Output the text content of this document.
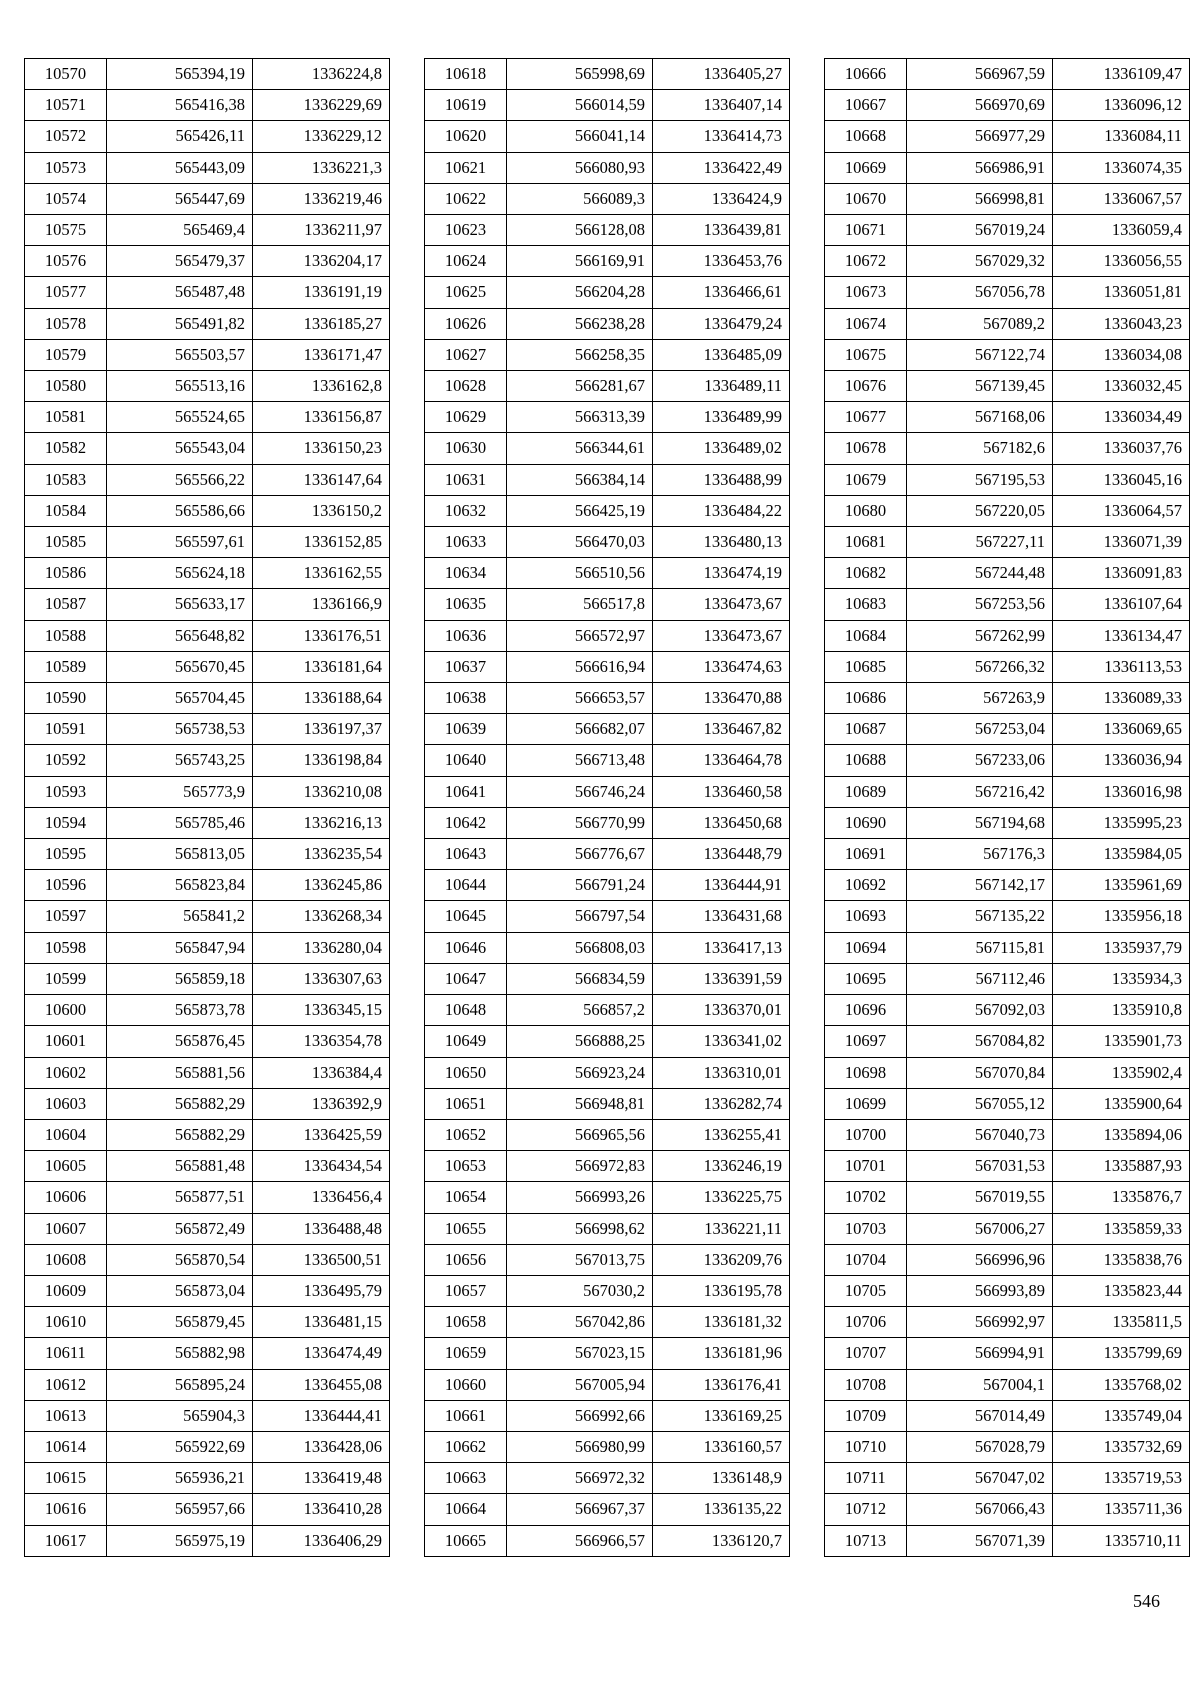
10570	565394,19	1336224,8
10571	565416,38	1336229,69
10572	565426,11	1336229,12
10573	565443,09	1336221,3
10574	565447,69	1336219,46
10575	565469,4	1336211,97
10576	565479,37	1336204,17
10577	565487,48	1336191,19
10578	565491,82	1336185,27
10579	565503,57	1336171,47
10580	565513,16	1336162,8
10581	565524,65	1336156,87
10582	565543,04	1336150,23
10583	565566,22	1336147,64
10584	565586,66	1336150,2
10585	565597,61	1336152,85
10586	565624,18	1336162,55
10587	565633,17	1336166,9
10588	565648,82	1336176,51
10589	565670,45	1336181,64
10590	565704,45	1336188,64
10591	565738,53	1336197,37
10592	565743,25	1336198,84
10593	565773,9	1336210,08
10594	565785,46	1336216,13
10595	565813,05	1336235,54
10596	565823,84	1336245,86
10597	565841,2	1336268,34
10598	565847,94	1336280,04
10599	565859,18	1336307,63
10600	565873,78	1336345,15
10601	565876,45	1336354,78
10602	565881,56	1336384,4
10603	565882,29	1336392,9
10604	565882,29	1336425,59
10605	565881,48	1336434,54
10606	565877,51	1336456,4
10607	565872,49	1336488,48
10608	565870,54	1336500,51
10609	565873,04	1336495,79
10610	565879,45	1336481,15
10611	565882,98	1336474,49
10612	565895,24	1336455,08
10613	565904,3	1336444,41
10614	565922,69	1336428,06
10615	565936,21	1336419,48
10616	565957,66	1336410,28
10617	565975,19	1336406,29
10618	565998,69	1336405,27
10619	566014,59	1336407,14
10620	566041,14	1336414,73
10621	566080,93	1336422,49
10622	566089,3	1336424,9
10623	566128,08	1336439,81
10624	566169,91	1336453,76
10625	566204,28	1336466,61
10626	566238,28	1336479,24
10627	566258,35	1336485,09
10628	566281,67	1336489,11
10629	566313,39	1336489,99
10630	566344,61	1336489,02
10631	566384,14	1336488,99
10632	566425,19	1336484,22
10633	566470,03	1336480,13
10634	566510,56	1336474,19
10635	566517,8	1336473,67
10636	566572,97	1336473,67
10637	566616,94	1336474,63
10638	566653,57	1336470,88
10639	566682,07	1336467,82
10640	566713,48	1336464,78
10641	566746,24	1336460,58
10642	566770,99	1336450,68
10643	566776,67	1336448,79
10644	566791,24	1336444,91
10645	566797,54	1336431,68
10646	566808,03	1336417,13
10647	566834,59	1336391,59
10648	566857,2	1336370,01
10649	566888,25	1336341,02
10650	566923,24	1336310,01
10651	566948,81	1336282,74
10652	566965,56	1336255,41
10653	566972,83	1336246,19
10654	566993,26	1336225,75
10655	566998,62	1336221,11
10656	567013,75	1336209,76
10657	567030,2	1336195,78
10658	567042,86	1336181,32
10659	567023,15	1336181,96
10660	567005,94	1336176,41
10661	566992,66	1336169,25
10662	566980,99	1336160,57
10663	566972,32	1336148,9
10664	566967,37	1336135,22
10665	566966,57	1336120,7
10666	566967,59	1336109,47
10667	566970,69	1336096,12
10668	566977,29	1336084,11
10669	566986,91	1336074,35
10670	566998,81	1336067,57
10671	567019,24	1336059,4
10672	567029,32	1336056,55
10673	567056,78	1336051,81
10674	567089,2	1336043,23
10675	567122,74	1336034,08
10676	567139,45	1336032,45
10677	567168,06	1336034,49
10678	567182,6	1336037,76
10679	567195,53	1336045,16
10680	567220,05	1336064,57
10681	567227,11	1336071,39
10682	567244,48	1336091,83
10683	567253,56	1336107,64
10684	567262,99	1336134,47
10685	567266,32	1336113,53
10686	567263,9	1336089,33
10687	567253,04	1336069,65
10688	567233,06	1336036,94
10689	567216,42	1336016,98
10690	567194,68	1335995,23
10691	567176,3	1335984,05
10692	567142,17	1335961,69
10693	567135,22	1335956,18
10694	567115,81	1335937,79
10695	567112,46	1335934,3
10696	567092,03	1335910,8
10697	567084,82	1335901,73
10698	567070,84	1335902,4
10699	567055,12	1335900,64
10700	567040,73	1335894,06
10701	567031,53	1335887,93
10702	567019,55	1335876,7
10703	567006,27	1335859,33
10704	566996,96	1335838,76
10705	566993,89	1335823,44
10706	566992,97	1335811,5
10707	566994,91	1335799,69
10708	567004,1	1335768,02
10709	567014,49	1335749,04
10710	567028,79	1335732,69
10711	567047,02	1335719,53
10712	567066,43	1335711,36
10713	567071,39	1335710,11
546
